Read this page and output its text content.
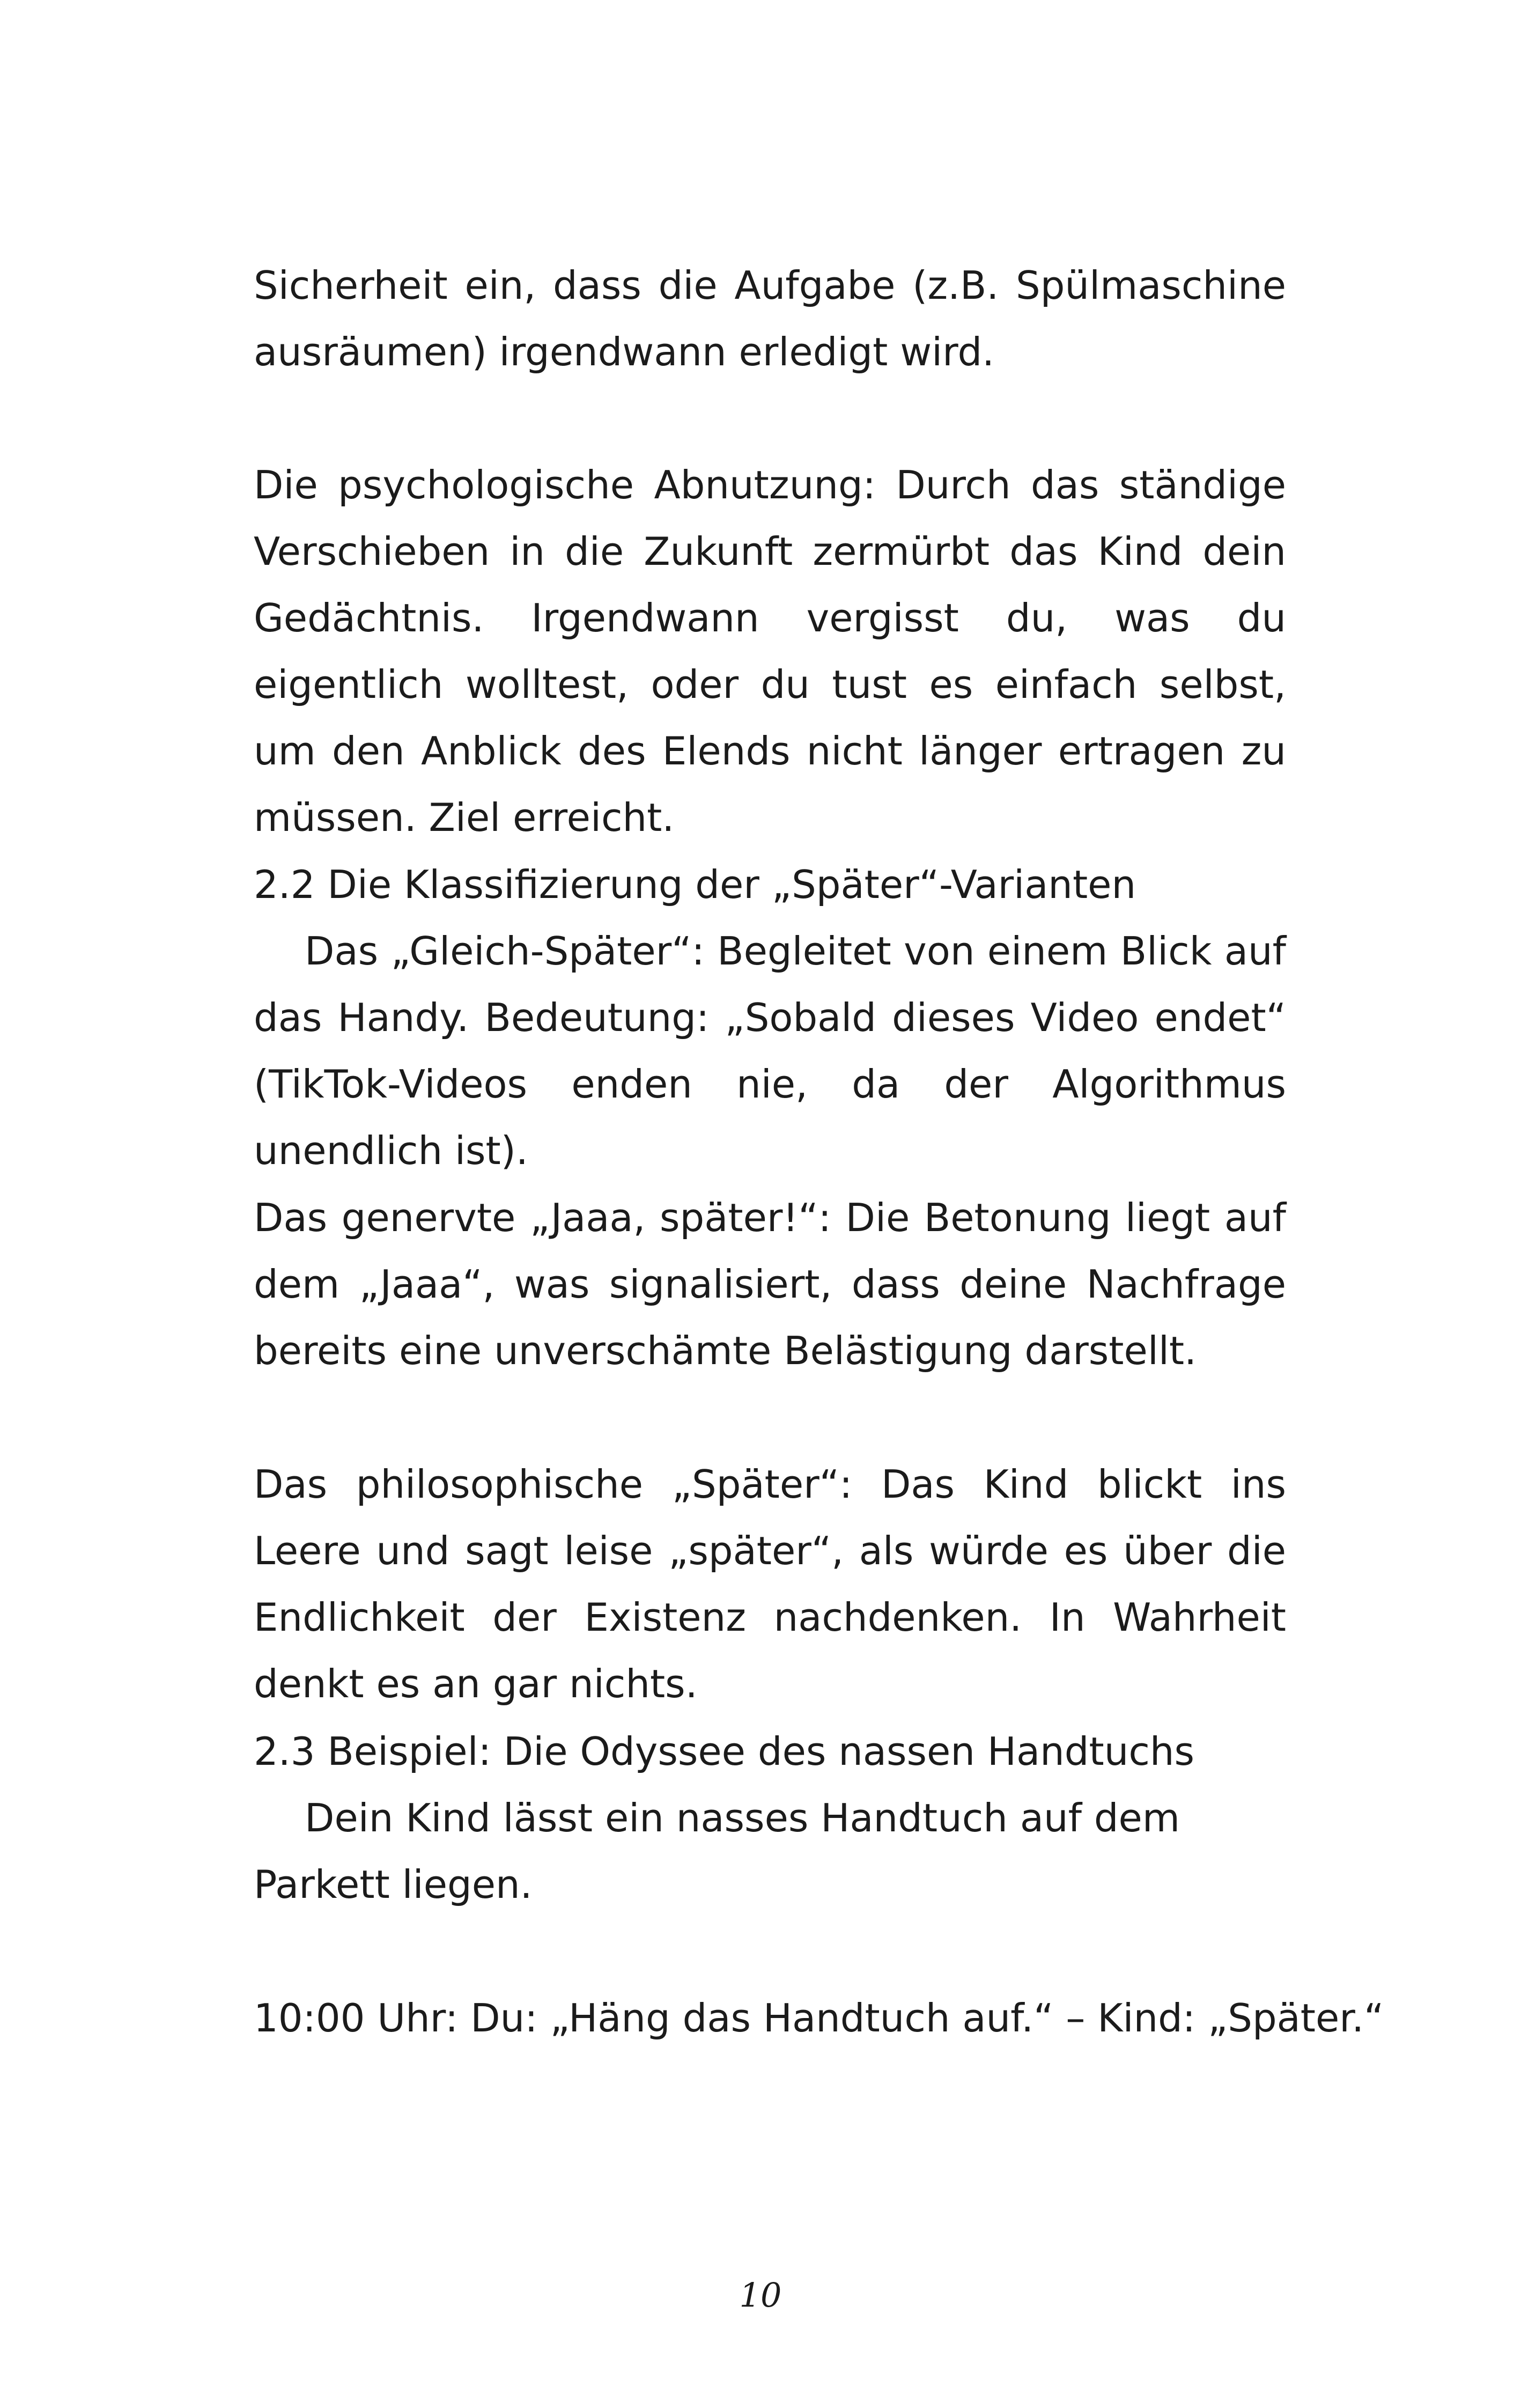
Sicherheit ein, dass die Aufgabe (z.B. Spülmaschine ausräumen) irgendwann erledigt wird.

Die psychologische Abnutzung: Durch das ständige Verschieben in die Zukunft zermürbt das Kind dein Gedächtnis. Irgendwann vergisst du, was du eigentlich wolltest, oder du tust es einfach selbst, um den Anblick des Elends nicht länger ertragen zu müssen. Ziel erreicht.

2.2 Die Klassifizierung der „Später“-Varianten

Das „Gleich-Später“: Begleitet von einem Blick auf das Handy. Bedeutung: „Sobald dieses Video endet“ (TikTok-Videos enden nie, da der Algorithmus unendlich ist).

Das genervte „Jaaa, später!“: Die Betonung liegt auf dem „Jaaa“, was signalisiert, dass deine Nachfrage bereits eine unverschämte Belästigung darstellt.

Das philosophische „Später“: Das Kind blickt ins Leere und sagt leise „später“, als würde es über die Endlichkeit der Existenz nachdenken. In Wahrheit denkt es an gar nichts.

2.3 Beispiel: Die Odyssee des nassen Handtuchs

Dein Kind lässt ein nasses Handtuch auf dem Parkett liegen.

10:00 Uhr: Du: „Häng das Handtuch auf.“ – Kind: „Später.“

10
